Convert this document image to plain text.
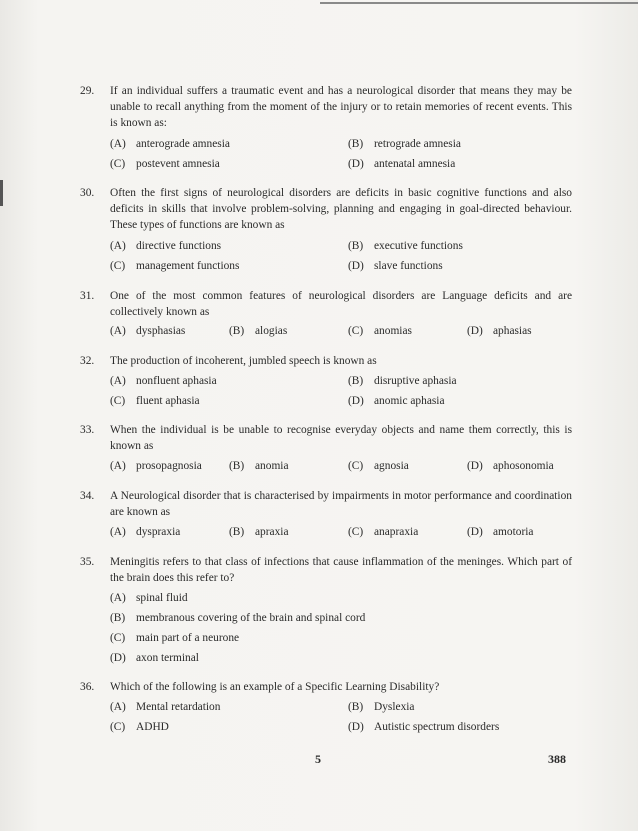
29.	If an individual suffers a traumatic event and has a neurological disorder that means they may be unable to recall anything from the moment of the injury or to retain memories of recent events. This is known as:
(A) anterograde amnesia	(B) retrograde amnesia
(C) postevent amnesia	(D) antenatal amnesia
30.	Often the first signs of neurological disorders are deficits in basic cognitive functions and also deficits in skills that involve problem-solving, planning and engaging in goal-directed behaviour. These types of functions are known as
(A) directive functions	(B) executive functions
(C) management functions	(D) slave functions
31.	One of the most common features of neurological disorders are Language deficits and are collectively known as
(A) dysphasias	(B) alogias	(C) anomias	(D) aphasias
32.	The production of incoherent, jumbled speech is known as
(A) nonfluent aphasia	(B) disruptive aphasia
(C) fluent aphasia	(D) anomic aphasia
33.	When the individual is be unable to recognise everyday objects and name them correctly, this is known as
(A) prosopagnosia (B) anomia	(C) agnosia	(D) aphosonomia
34.	A Neurological disorder that is characterised by impairments in motor performance and coordination are known as
(A) dyspraxia	(B) apraxia	(C) anapraxia	(D) amotoria
35.	Meningitis refers to that class of infections that cause inflammation of the meninges. Which part of the brain does this refer to?
(A) spinal fluid
(B) membranous covering of the brain and spinal cord
(C) main part of a neurone
(D) axon terminal
36.	Which of the following is an example of a Specific Learning Disability?
(A) Mental retardation	(B) Dyslexia
(C) ADHD	(D) Autistic spectrum disorders
5	388
